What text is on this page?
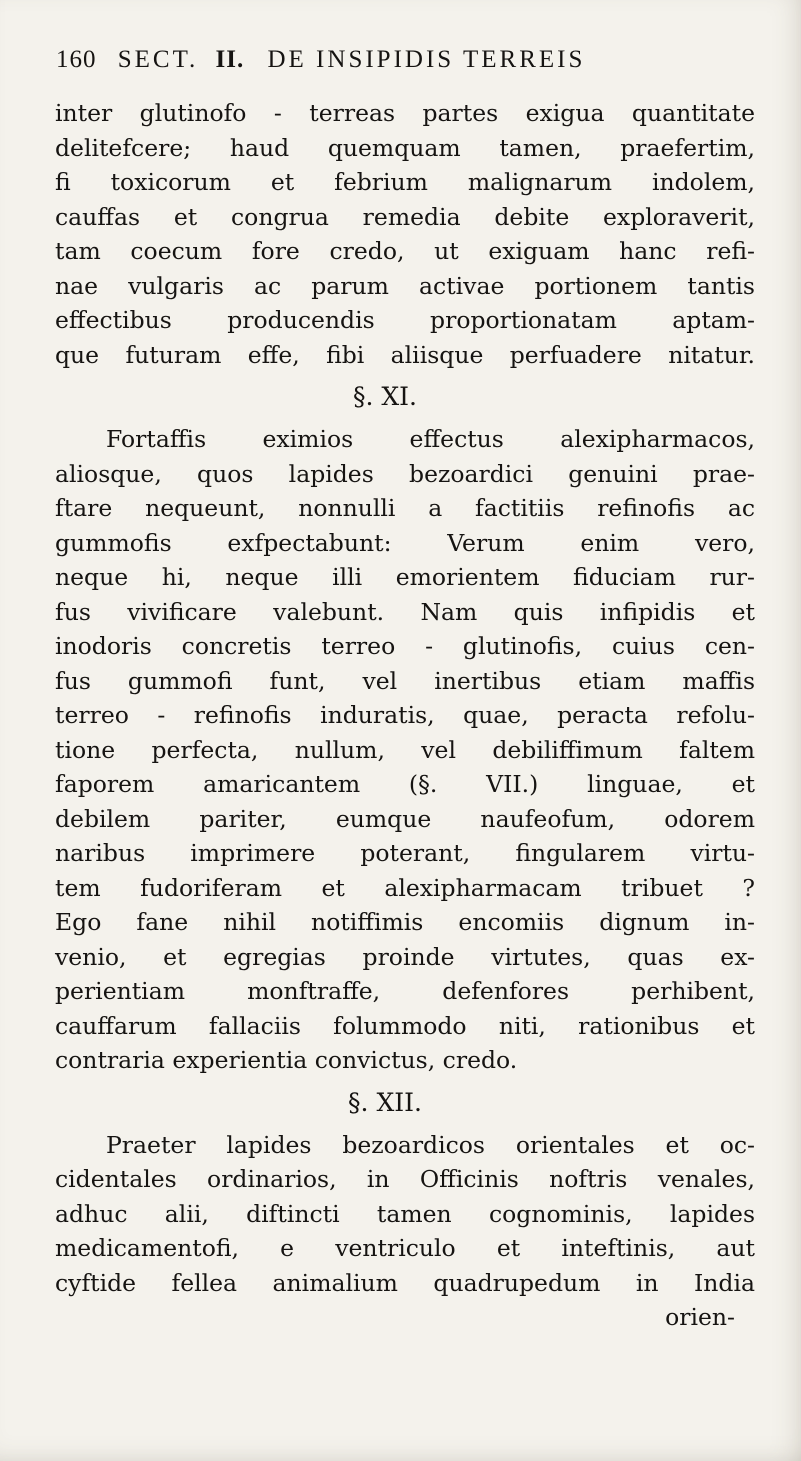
160 SECT. II. DE INSIPIDIS TERREIS
inter glutinofo - terreas partes exigua quantitate
delitefcere; haud quemquam tamen, praefertim,
fi toxicorum et febrium malignarum indolem,
cauffas et congrua remedia debite exploraverit,
tam coecum fore credo, ut exiguam hanc refi-
nae vulgaris ac parum activae portionem tantis
effectibus producendis proportionatam aptam-
que futuram effe, fibi aliisque perfuadere nitatur.
§. XI.
Fortaffis eximios effectus alexipharmacos,
aliosque, quos lapides bezoardici genuini prae-
ftare nequeunt, nonnulli a factitiis refinofis ac
gummofis exfpectabunt: Verum enim vero,
neque hi, neque illi emorientem fiduciam rur-
fus vivificare valebunt. Nam quis infipidis et
inodoris concretis terreo - glutinofis, cuius cen-
fus gummofi funt, vel inertibus etiam maffis
terreo - refinofis induratis, quae, peracta refolu-
tione perfecta, nullum, vel debiliffimum faltem
faporem amaricantem (§. VII.) linguae, et
debilem pariter, eumque naufeofum, odorem
naribus imprimere poterant, fingularem virtu-
tem fudoriferam et alexipharmacam tribuet ?
Ego fane nihil notiffimis encomiis dignum in-
venio, et egregias proinde virtutes, quas ex-
perientiam monftraffe, defenfores perhibent,
cauffarum fallaciis folummodo niti, rationibus et
contraria experientia convictus, credo.
§. XII.
Praeter lapides bezoardicos orientales et oc-
cidentales ordinarios, in Officinis noftris venales,
adhuc alii, diftincti tamen cognominis, lapides
medicamentofi, e ventriculo et inteftinis, aut
cyftide fellea animalium quadrupedum in India
orien-
